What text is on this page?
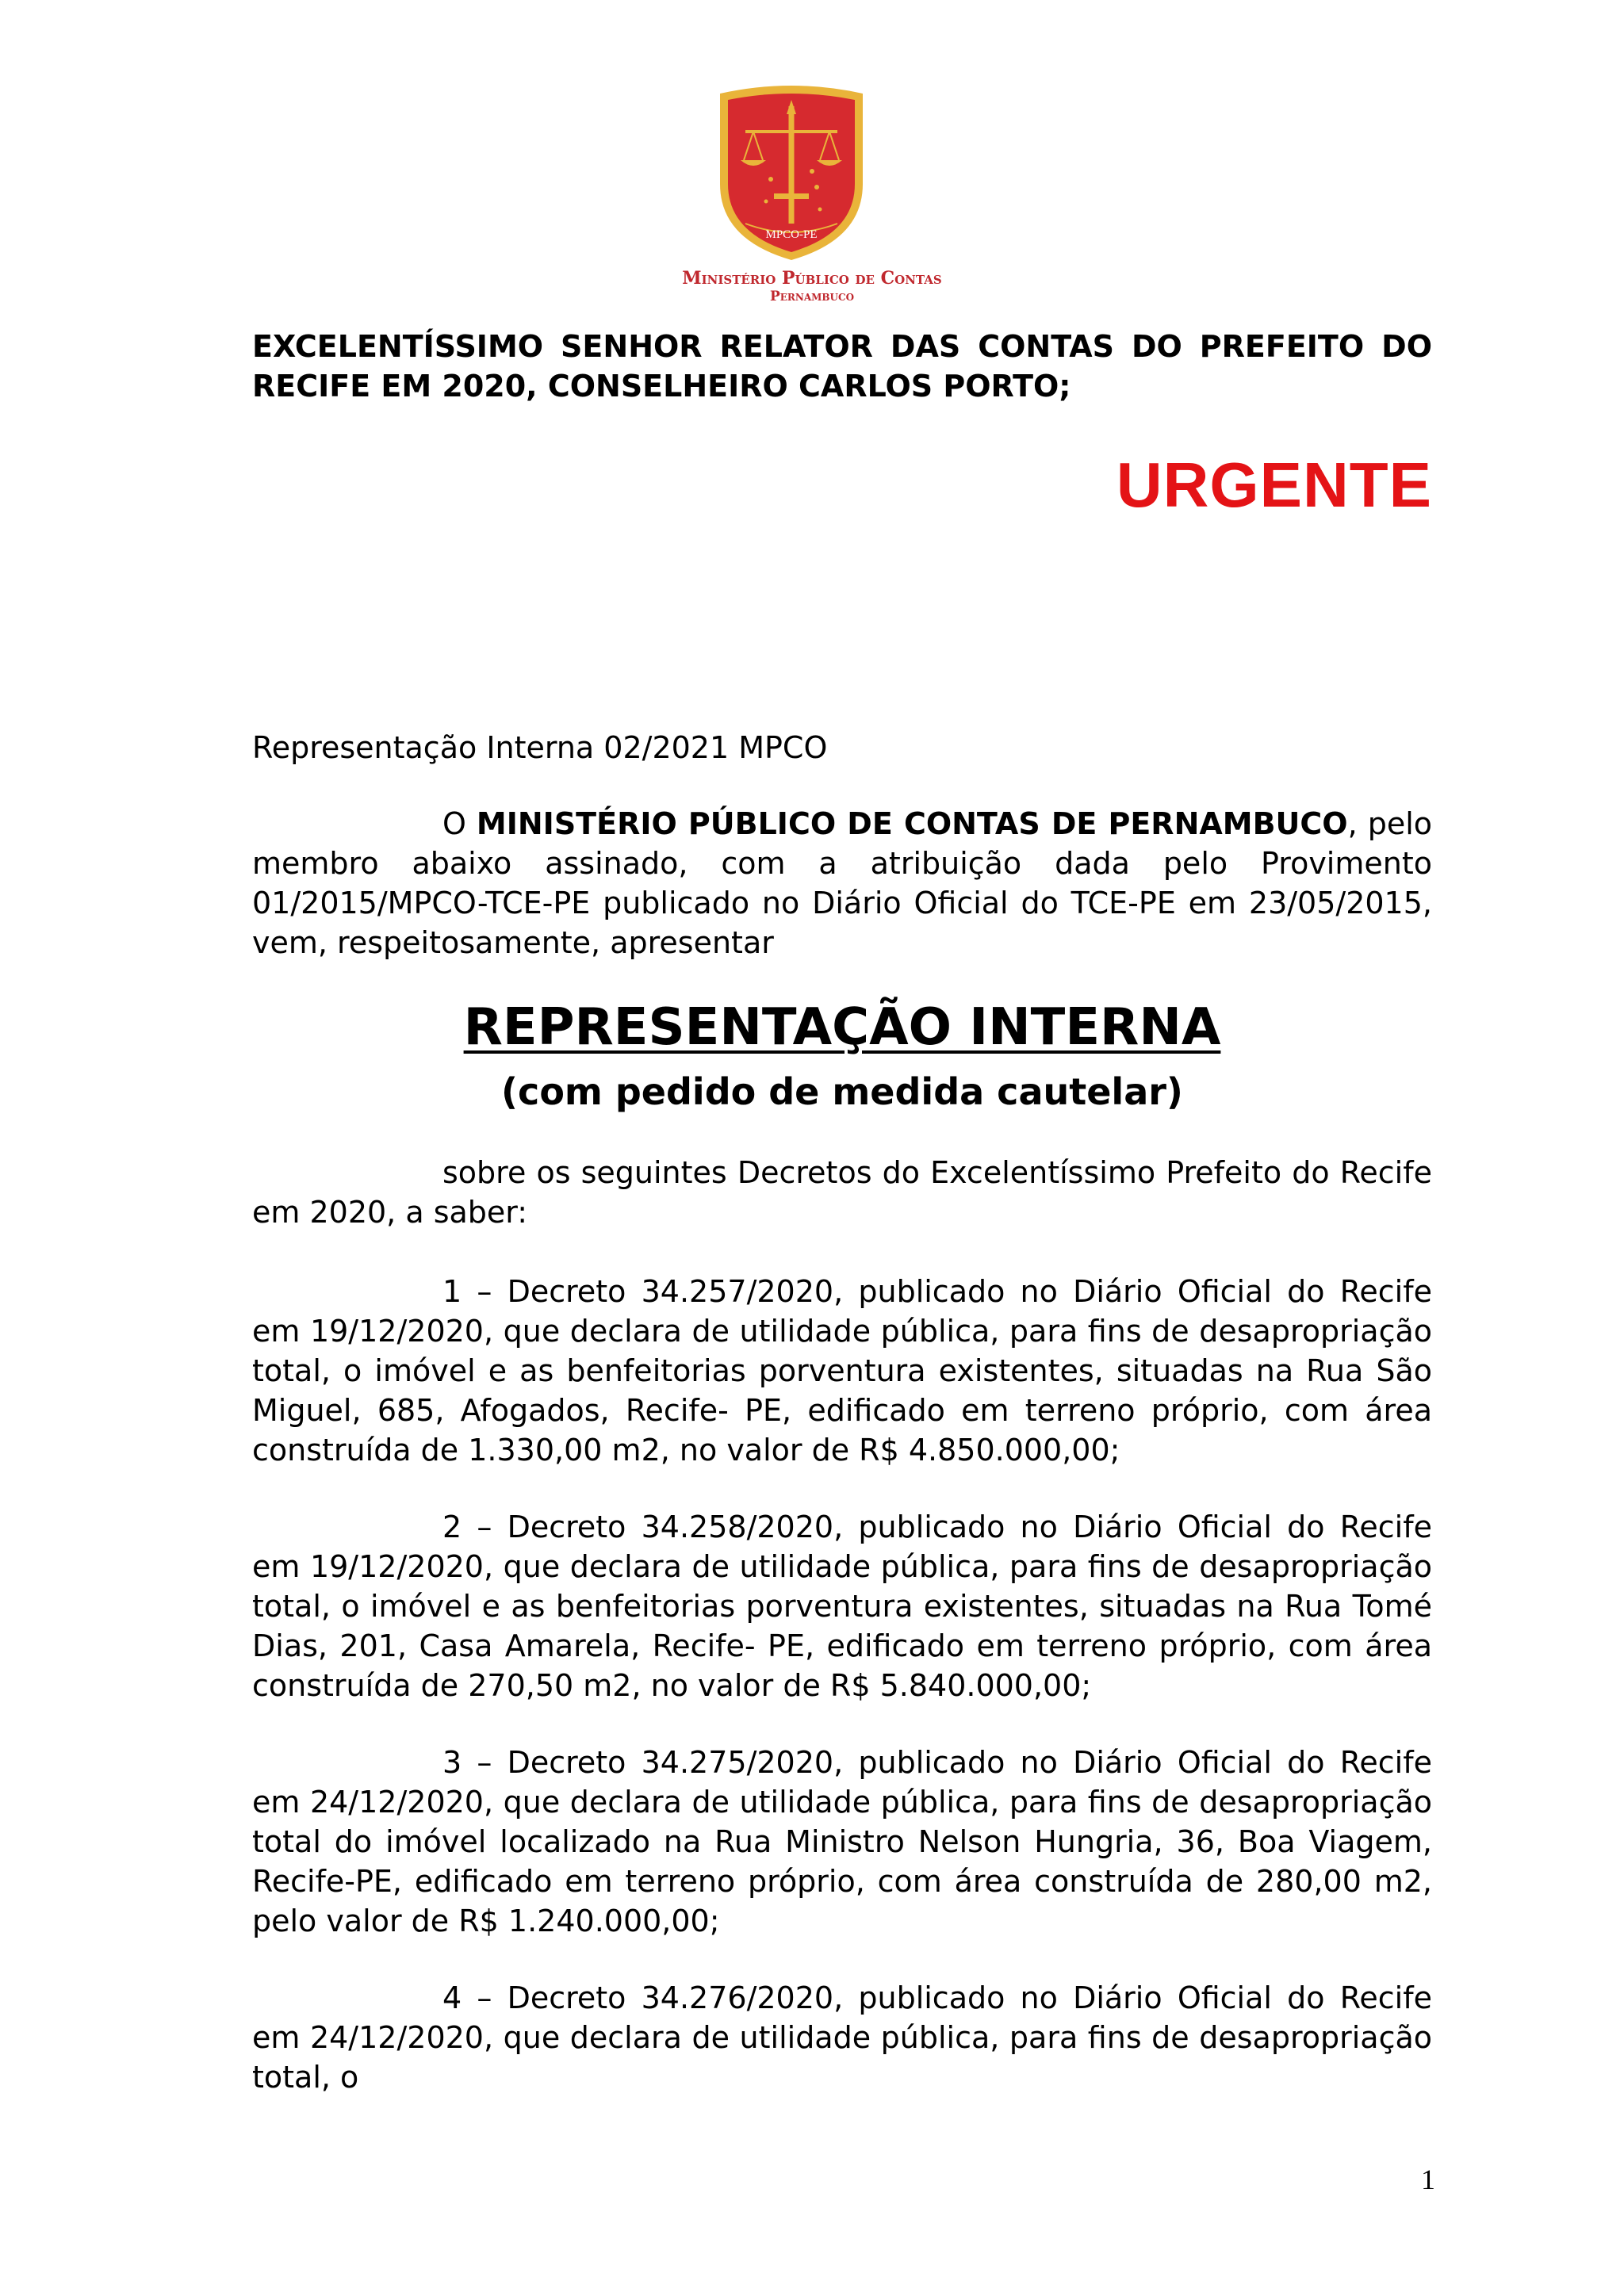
MPCO-PE
Ministério Público de Contas
Pernambuco
EXCELENTÍSSIMO SENHOR RELATOR DAS CONTAS DO PREFEITO DO RECIFE EM 2020, CONSELHEIRO CARLOS PORTO;
URGENTE
Representação Interna 02/2021 MPCO

O MINISTÉRIO PÚBLICO DE CONTAS DE PERNAMBUCO, pelo membro abaixo assinado, com a atribuição dada pelo Provimento 01/2015/MPCO-TCE-PE publicado no Diário Oficial do TCE-PE em 23/05/2015, vem, respeitosamente, apresentar

REPRESENTAÇÃO INTERNA
(com pedido de medida cautelar)

sobre os seguintes Decretos do Excelentíssimo Prefeito do Recife em 2020, a saber:

1 – Decreto 34.257/2020, publicado no Diário Oficial do Recife em 19/12/2020, que declara de utilidade pública, para fins de desapropriação total, o imóvel e as benfeitorias porventura existentes, situadas na Rua São Miguel, 685, Afogados, Recife- PE, edificado em terreno próprio, com área construída de 1.330,00 m2, no valor de R$ 4.850.000,00;

2 – Decreto 34.258/2020, publicado no Diário Oficial do Recife em 19/12/2020, que declara de utilidade pública, para fins de desapropriação total, o imóvel e as benfeitorias porventura existentes, situadas na Rua Tomé Dias, 201, Casa Amarela, Recife- PE, edificado em terreno próprio, com área construída de 270,50 m2, no valor de R$ 5.840.000,00;

3 – Decreto 34.275/2020, publicado no Diário Oficial do Recife em 24/12/2020, que declara de utilidade pública, para fins de desapropriação total do imóvel localizado na Rua Ministro Nelson Hungria, 36, Boa Viagem, Recife-PE, edificado em terreno próprio, com área construída de 280,00 m2, pelo valor de R$ 1.240.000,00;

4 – Decreto 34.276/2020, publicado no Diário Oficial do Recife em 24/12/2020, que declara de utilidade pública, para fins de desapropriação total, o

1
